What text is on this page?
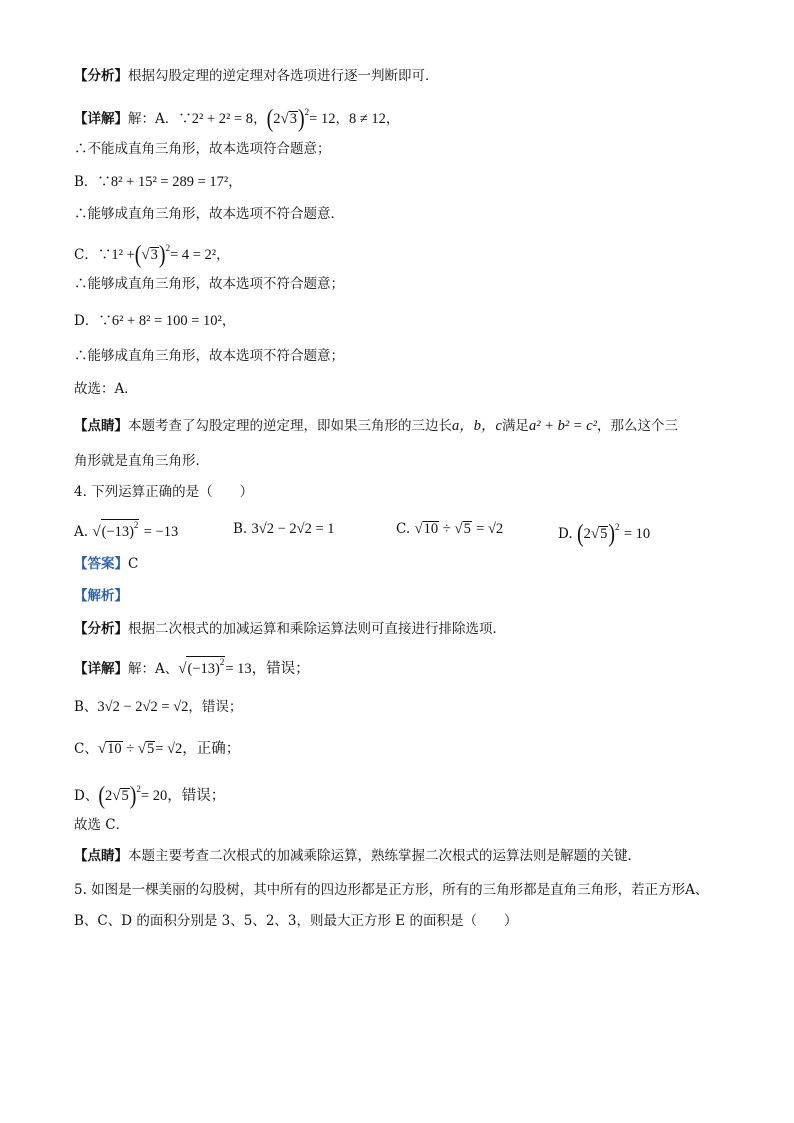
【分析】根据勾股定理的逆定理对各选项进行逐一判断即可．
【详解】解：A．∵2² + 2² = 8，(2 √ 3 )$^2$= 12，8 ≠ 12，
∴不能成直角三角形，故本选项符合题意；
B．∵8² + 15² = 289 = 17²，
∴能够成直角三角形，故本选项不符合题意．
C．∵1² +( √ 3 )$^2$= 4 = 2²，
∴能够成直角三角形，故本选项不符合题意；
D．∵6² + 8² = 100 = 10²，
∴能够成直角三角形，故本选项不符合题意；
故选：A．
【点睛】本题考查了勾股定理的逆定理，即如果三角形的三边长a，b，c满足a² + b² = c²，那么这个三
角形就是直角三角形．
4. 下列运算正确的是（　　）
A. √ $(-13)^2 = -13$	B. 3√2 − 2√2 = 1	C. √ 10 ÷ √ 5 = √2	D. (2 √ 5 )$^2$ = 10
【答案】C
【解析】
【分析】根据二次根式的加减运算和乘除运算法则可直接进行排除选项．
【详解】解：A、 √ $(-13)^2 = 13$，错误；
B、3√2 − 2√2 = √2，错误；
C、 √ 10 ÷ √ 5 = √2，正确；
D、(2 √ 5 )$^2$= 20，错误；
故选 C．
【点睛】本题主要考查二次根式的加减乘除运算，熟练掌握二次根式的运算法则是解题的关键．
5. 如图是一棵美丽的勾股树，其中所有的四边形都是正方形，所有的三角形都是直角三角形，若正方形A、
B、C、D 的面积分别是 3、5、2、3，则最大正方形 E 的面积是（　　）
